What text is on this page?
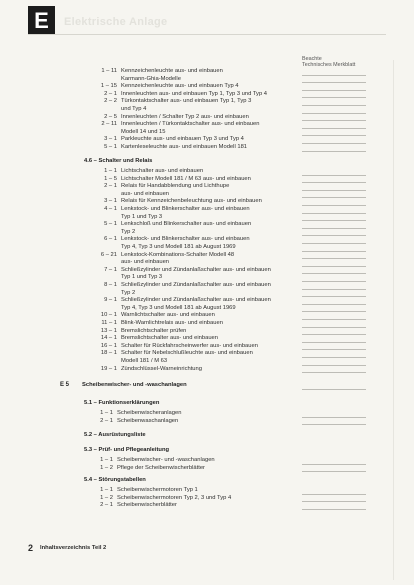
E	Elektrische Anlage
Beachte
Technisches Merkblatt
1 – 11 Kennzeichenleuchte aus- und einbauen
Karmann-Ghia-Modelle
1 – 15 Kennzeichenleuchte aus- und einbauen Typ 4
2 – 1 Innenleuchten aus- und einbauen Typ 1, Typ 3 und Typ 4
2 – 2 Türkontaktschalter aus- und einbauen Typ 1, Typ 3
und Typ 4
2 – 5 Innenleuchten / Schalter Typ 2 aus- und einbauen
2 – 11 Innenleuchten / Türkontaktschalter aus- und einbauen
Modell 14 und 15
3 – 1 Parkleuchte aus- und einbauen Typ 3 und Typ 4
5 – 1 Kartenleseleuchte aus- und einbauen Modell 181
4.6 – Schalter und Relais
1 – 1 Lichtschalter aus- und einbauen
1 – 5 Lichtschalter Modell 181 / M 63 aus- und einbauen
2 – 1 Relais für Handabblendung und Lichthupe
aus- und einbauen
3 – 1 Relais für Kennzeichenbeleuchtung aus- und einbauen
4 – 1 Lenkstock- und Blinkerschalter aus- und einbauen
Typ 1 und Typ 3
5 – 1 Lenkschloß und Blinkerschalter aus- und einbauen
Typ 2
6 – 1 Lenkstock- und Blinkerschalter aus- und einbauen
Typ 4, Typ 3 und Modell 181 ab August 1969
6 – 21 Lenkstock-Kombinations-Schalter Modell 48
aus- und einbauen
7 – 1 Schließzylinder und Zündanlaßschalter aus- und einbauen
Typ 1 und Typ 3
8 – 1 Schließzylinder und Zündanlaßschalter aus- und einbauen
Typ 2
9 – 1 Schließzylinder und Zündanlaßschalter aus- und einbauen
Typ 4, Typ 3 und Modell 181 ab August 1969
10 – 1 Warnlichtschalter aus- und einbauen
11 – 1 Blink-Warnlichtrelais aus- und einbauen
13 – 1 Bremslichtschalter prüfen
14 – 1 Bremslichtschalter aus- und einbauen
16 – 1 Schalter für Rückfahrscheinwerfer aus- und einbauen
18 – 1 Schalter für Nebelschlußleuchte aus- und einbauen
Modell 181 / M 63
19 – 1 Zündschlüssel-Warneinrichtung
E 5 Scheibenwischer- und -waschanlagen
5.1 – Funktionserklärungen
1 – 1 Scheibenwischeranlagen
2 – 1 Scheibenwaschanlagen
5.2 – Ausrüstungsliste
5.3 – Prüf- und Pflegeanleitung
1 – 1 Scheibenwischer- und -waschanlagen
1 – 2 Pflege der Scheibenwischerblätter
5.4 – Störungstabellen
1 – 1 Scheibenwischermotoren Typ 1
1 – 2 Scheibenwischermotoren Typ 2, 3 und Typ 4
2 – 1 Scheibenwischerblätter
2 Inhaltsverzeichnis Teil 2
